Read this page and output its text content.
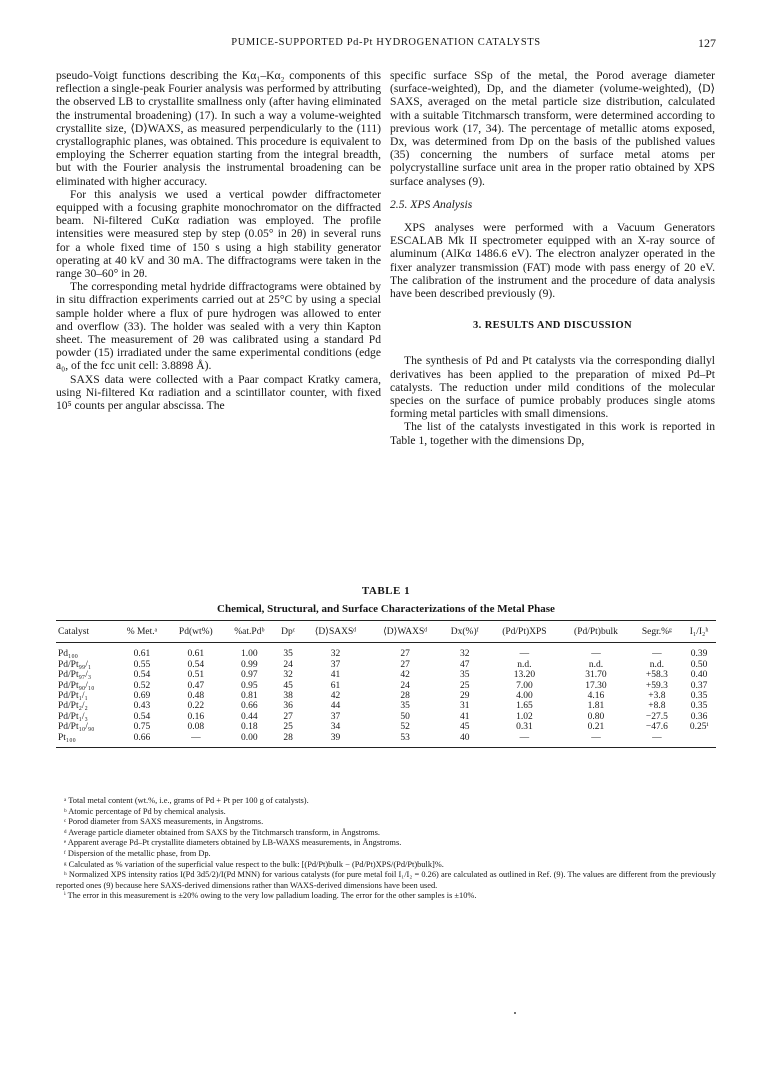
PUMICE-SUPPORTED Pd-Pt HYDROGENATION CATALYSTS	127

pseudo-Voigt functions describing the Kα₁–Kα₂ components of this reflection a single-peak Fourier analysis was performed by attributing the observed LB to crystallite smallness only (after having eliminated the instrumental broadening) (17). In such a way a volume-weighted crystallite size, ⟨D⟩WAXS, as measured perpendicularly to the (111) crystallographic planes, was obtained. This procedure is equivalent to employing the Scherrer equation starting from the integral breadth, but with the Fourier analysis the instrumental broadening can be eliminated with higher accuracy.

For this analysis we used a vertical powder diffractometer equipped with a focusing graphite monochromator on the diffracted beam. Ni-filtered CuKα radiation was employed. The profile intensities were measured step by step (0.05° in 2θ) in several runs for a whole fixed time of 150 s using a high stability generator operating at 40 kV and 30 mA. The diffractograms were taken in the range 30–60° in 2θ.

The corresponding metal hydride diffractograms were obtained by in situ diffraction experiments carried out at 25°C by using a special sample holder where a flux of pure hydrogen was allowed to enter and overflow (33). The holder was sealed with a very thin Kapton sheet. The measurement of 2θ was calibrated using a standard Pd powder (15) irradiated under the same experimental conditions (edge a₀, of the fcc unit cell: 3.8898 Å).

SAXS data were collected with a Paar compact Kratky camera, using Ni-filtered Kα radiation and a scintillator counter, with fixed 10⁵ counts per angular abscissa. The

specific surface SSp of the metal, the Porod average diameter (surface-weighted), Dp, and the diameter (volume-weighted), ⟨D⟩SAXS, averaged on the metal particle size distribution, calculated with a suitable Titchmarsch transform, were determined according to previous work (17, 34). The percentage of metallic atoms exposed, Dx, was determined from Dp on the basis of the published values (35) concerning the numbers of surface metal atoms per polycrystalline surface unit area in the proper ratio obtained by XPS surface analyses (9).

2.5. XPS Analysis

XPS analyses were performed with a Vacuum Generators ESCALAB Mk II spectrometer equipped with an X-ray source of aluminum (AlKα 1486.6 eV). The electron analyzer operated in the fixer analyzer transmission (FAT) mode with pass energy of 20 eV. The calibration of the instrument and the procedure of data analysis have been described previously (9).

3. RESULTS AND DISCUSSION

The synthesis of Pd and Pt catalysts via the corresponding diallyl derivatives has been applied to the preparation of mixed Pd–Pt catalysts. The reduction under mild conditions of the molecular species on the surface of pumice probably produces single atoms forming metal particles with small dimensions.

The list of the catalysts investigated in this work is reported in Table 1, together with the dimensions Dp,

TABLE 1
Chemical, Structural, and Surface Characterizations of the Metal Phase
Catalyst	% Met.ᵃ	Pd(wt%)	%at.Pdᵇ	Dpᶜ	⟨D⟩SAXSᵈ	⟨D⟩WAXSᵈ	Dx(%)ᶠ	(Pd/Pt)XPS	(Pd/Pt)bulk	Segr.%ᵍ	I₁/I₂ʰ
Pd₁₀₀	0.61	0.61	1.00	35	32	27	32	—	—	—	0.39
Pd/Pt₉₉/₁	0.55	0.54	0.99	24	37	27	47	n.d.	n.d.	n.d.	0.50
Pd/Pt₉₇/₃	0.54	0.51	0.97	32	41	42	35	13.20	31.70	+58.3	0.40
Pd/Pt₉₀/₁₀	0.52	0.47	0.95	45	61	24	25	7.00	17.30	+59.3	0.37
Pd/Pt₁/₁	0.69	0.48	0.81	38	42	28	29	4.00	4.16	+3.8	0.35
Pd/Pt₂/₂	0.43	0.22	0.66	36	44	35	31	1.65	1.81	+8.8	0.35
Pd/Pt₁/₃	0.54	0.16	0.44	27	37	50	41	1.02	0.80	−27.5	0.36
Pd/Pt₁₀/₉₀	0.75	0.08	0.18	25	34	52	45	0.31	0.21	−47.6	0.25ⁱ
Pt₁₀₀	0.66	—	0.00	28	39	53	40	—	—	—	

ᵃ Total metal content (wt.%, i.e., grams of Pd + Pt per 100 g of catalysts).

ᵇ Atomic percentage of Pd by chemical analysis.

ᶜ Porod diameter from SAXS measurements, in Ångstroms.

ᵈ Average particle diameter obtained from SAXS by the Titchmarsch transform, in Ångstroms.

ᵉ Apparent average Pd–Pt crystallite diameters obtained by LB-WAXS measurements, in Ångstroms.

ᶠ Dispersion of the metallic phase, from Dp.

ᵍ Calculated as % variation of the superficial value respect to the bulk: [(Pd/Pt)bulk − (Pd/Pt)XPS/(Pd/Pt)bulk]%.

ʰ Normalized XPS intensity ratios I(Pd 3d5/2)/I(Pd MNN) for various catalysts (for pure metal foil I₁/I₂ = 0.26) are calculated as outlined in Ref. (9). The values are different from the previously reported ones (9) because here SAXS-derived dimensions rather than WAXS-derived dimensions have been used.

ⁱ The error in this measurement is ±20% owing to the very low palladium loading. The error for the other samples is ±10%.
